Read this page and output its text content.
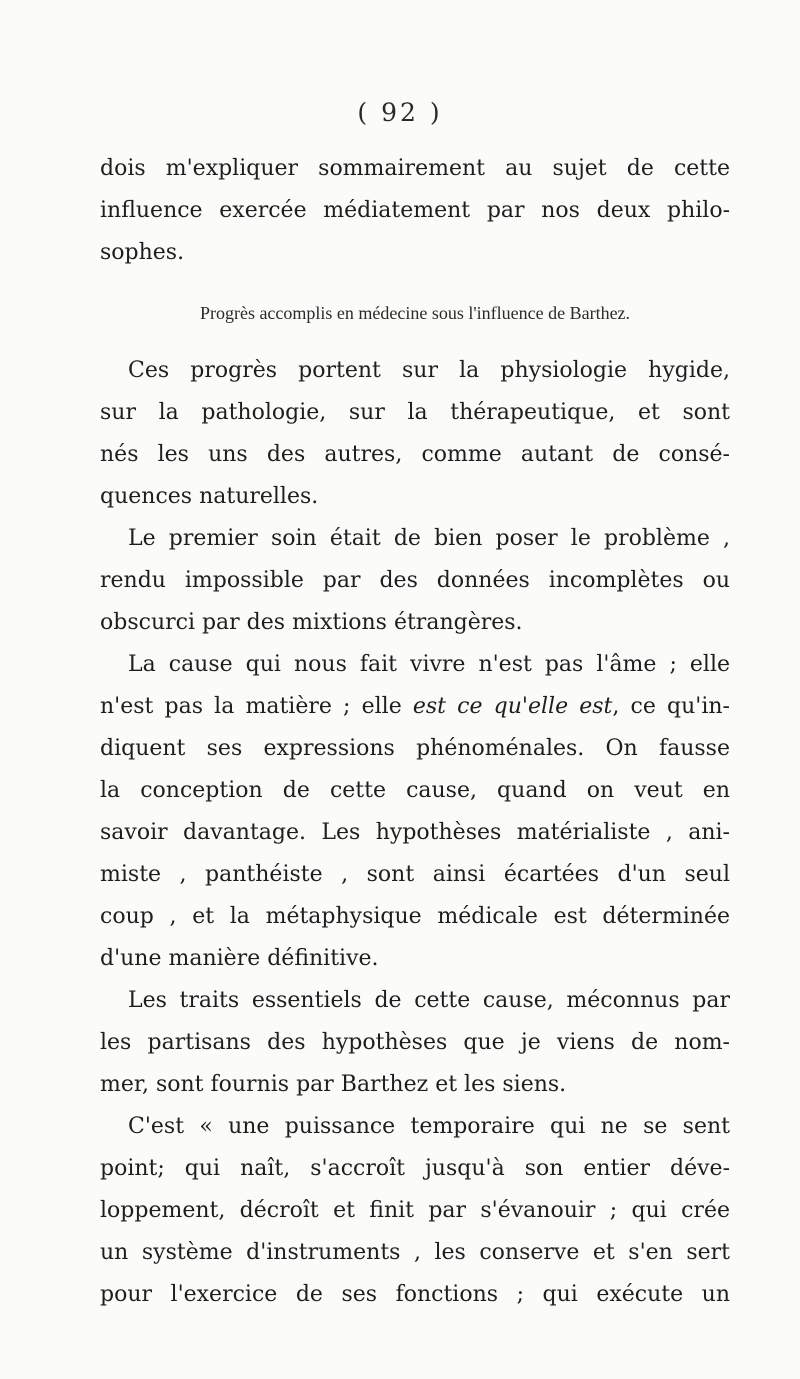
( 92 )
dois m'expliquer sommairement au sujet de cette
influence exercée médiatement par nos deux philo-
sophes.
Progrès accomplis en médecine sous l'influence de Barthez.
Ces progrès portent sur la physiologie hygide,
sur la pathologie, sur la thérapeutique, et sont
nés les uns des autres, comme autant de consé-
quences naturelles.
Le premier soin était de bien poser le problème ,
rendu impossible par des données incomplètes ou
obscurci par des mixtions étrangères.
La cause qui nous fait vivre n'est pas l'âme ; elle
n'est pas la matière ; elle est ce qu'elle est, ce qu'in-
diquent ses expressions phénoménales. On fausse
la conception de cette cause, quand on veut en
savoir davantage. Les hypothèses matérialiste , ani-
miste , panthéiste , sont ainsi écartées d'un seul
coup , et la métaphysique médicale est déterminée
d'une manière définitive.
Les traits essentiels de cette cause, méconnus par
les partisans des hypothèses que je viens de nom-
mer, sont fournis par Barthez et les siens.
C'est « une puissance temporaire qui ne se sent
point; qui naît, s'accroît jusqu'à son entier déve-
loppement, décroît et finit par s'évanouir ; qui crée
un système d'instruments , les conserve et s'en sert
pour l'exercice de ses fonctions ; qui exécute un
